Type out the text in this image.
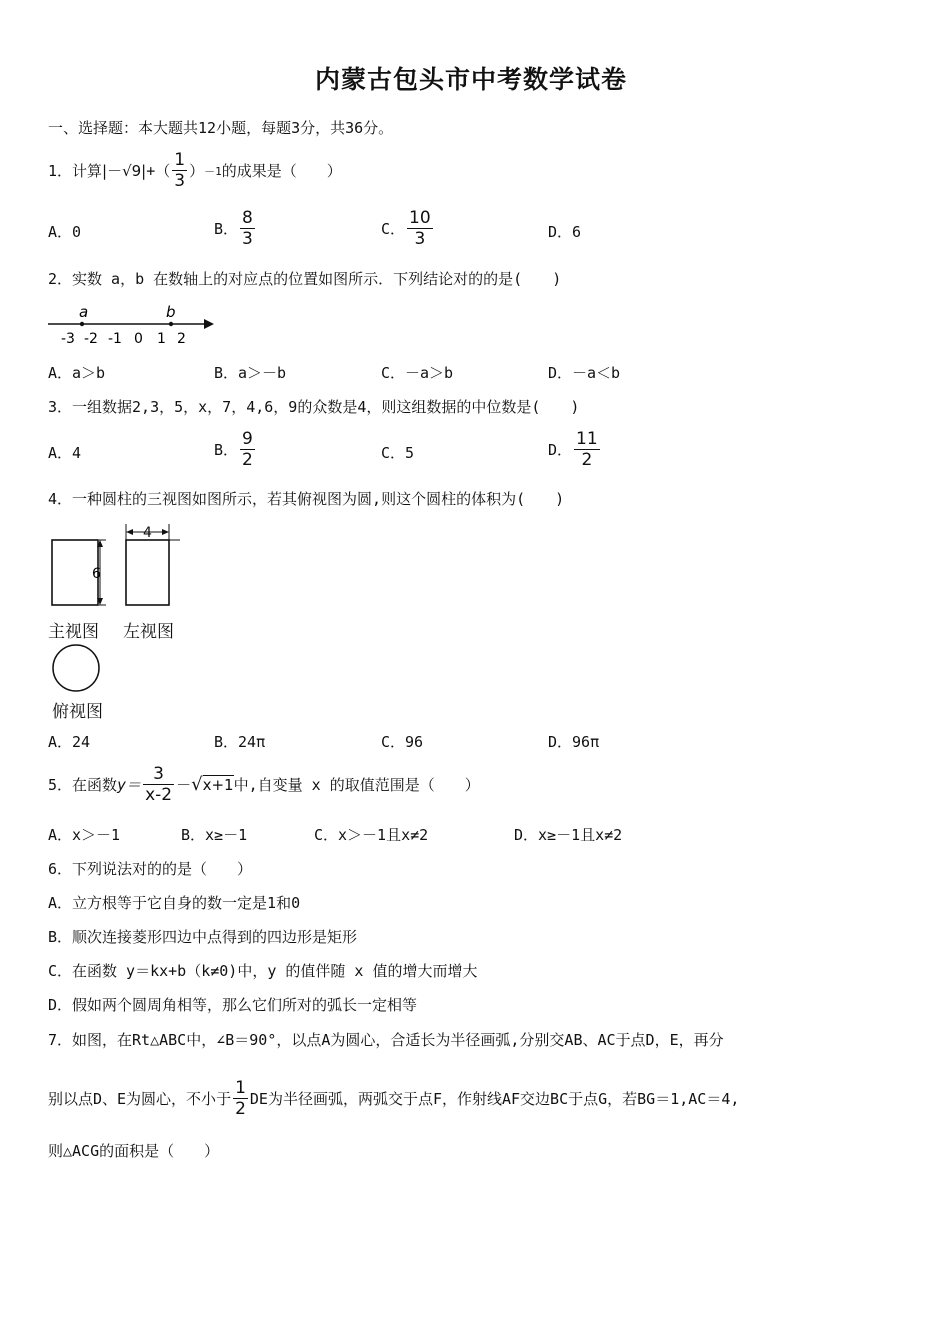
内蒙古包头市中考数学试卷
一、选择题：本大题共12小题，每题3分，共36分。
1．计算 |－√9| +（ $\frac{1}{3}$ ） －1 的成果是（　　）
A．0	B． $\frac{8}{3}$	C． $\frac{10}{3}$	D．6
2．实数 a，b 在数轴上的对应点的位置如图所示．下列结论对的的是(　　)
a	b
-3 -2 -1 0 1 2
A．a＞b	B．a＞－b	C．－a＞b	D．－a＜b
3．一组数据2,3，5，x，7，4,6，9的众数是4，则这组数据的中位数是(　　)
A．4	B． $\frac{9}{2}$	C．5	D． $\frac{11}{2}$
4．一种圆柱的三视图如图所示，若其俯视图为圆,则这个圆柱的体积为(　　)
6
4
主视图 左视图
俯视图
A．24	B．24π	C．96	D．96π
5．在函数 $y= \frac{3}{x-2}$ － √ x+1 中,自变量 x 的取值范围是（　　）
A．x＞－1	B．x≥－1	C．x＞－1且x≠2	D．x≥－1且x≠2
6．下列说法对的的是（　　）
A．立方根等于它自身的数一定是1和0
B．顺次连接菱形四边中点得到的四边形是矩形
C．在函数 y＝kx+b（k≠0)中，y 的值伴随 x 值的增大而增大
D．假如两个圆周角相等，那么它们所对的弧长一定相等
7．如图，在Rt△ABC中，∠B＝90°，以点A为圆心，合适长为半径画弧,分别交AB、AC于点D，E，再分
别以点D、E为圆心，不小于 $\frac{1}{2}$ DE为半径画弧，两弧交于点F，作射线AF交边BC于点G，若BG＝1,AC＝4,
则△ACG的面积是（　　）
